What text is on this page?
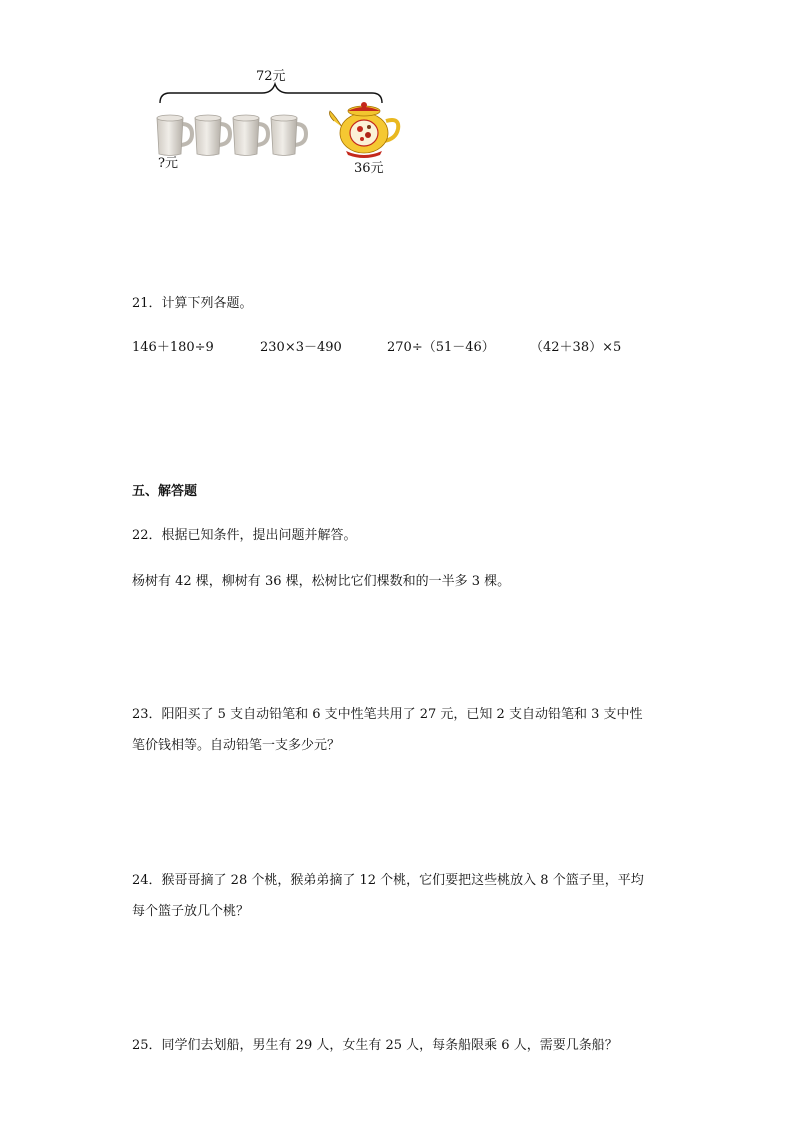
72元
?元	36元
21．计算下列各题。
146＋180÷9	230×3－490	270÷（51－46）	（42＋38）×5
五、解答题
22．根据已知条件，提出问题并解答。
杨树有 42 棵，柳树有 36 棵，松树比它们棵数和的一半多 3 棵。
23．阳阳买了 5 支自动铅笔和 6 支中性笔共用了 27 元，已知 2 支自动铅笔和 3 支中性
笔价钱相等。自动铅笔一支多少元？
24．猴哥哥摘了 28 个桃，猴弟弟摘了 12 个桃，它们要把这些桃放入 8 个篮子里，平均
每个篮子放几个桃？
25．同学们去划船，男生有 29 人，女生有 25 人，每条船限乘 6 人，需要几条船？
